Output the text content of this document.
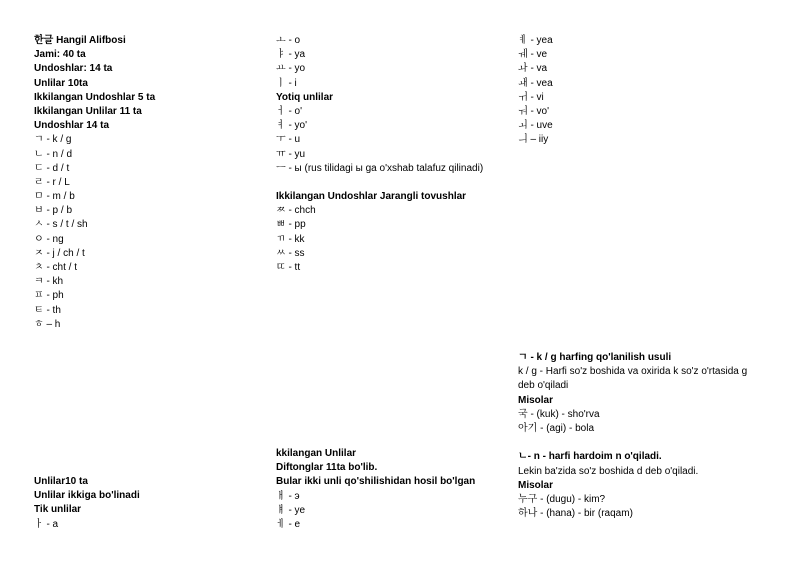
한글 Hangil Alifbosi
Jami: 40 ta
Undoshlar: 14 ta
Unlilar 10ta
Ikkilangan Undoshlar 5 ta
Ikkilangan Unlilar 11 ta
Undoshlar 14 ta
ㄱ - k / g
ㄴ - n / d
ㄷ - d / t
ㄹ - r / L
ㅁ - m / b
ㅂ - p / b
ㅅ - s / t / sh
ㅇ - ng
ㅈ - j / ch / t
ㅊ - cht / t
ㅋ - kh
ㅍ - ph
ㅌ - th
ㅎ – h
Unlilar10 ta
Unlilar ikkiga bo'linadi
Tik unlilar
ㅏ - a
ㅗ - o
ㅑ - ya
ㅛ - yo
ㅣ - i
Yotiq unlilar
ㅓ - o'
ㅕ - yo'
ㅜ - u
ㅠ - yu
ㅡ - ы (rus tilidagi ы ga o'xshab talafuz qilinadi)
Ikkilangan Undoshlar Jarangli tovushlar
ㅉ - chch
ㅃ - pp
ㄲ - kk
ㅆ - ss
ㄸ - tt
kkilangan Unlilar
Diftonglar 11ta bo'lib.
Bular ikki unli qo'shilishidan hosil bo'lgan
ㅐ - э
ㅒ - ye
ㅔ - e
ㅖ - yea
ㅞ - ve
ㅘ - va
ㅙ - vea
ㅟ - vi
ㅝ - vo'
ㅚ - uve
ㅢ – iiy
ㄱ - k / g harfing qo'lanilish usuli
k / g - Harfi so'z boshida va oxirida k so'z o'rtasida g
deb o'qiladi
Misolar
국 - (kuk) - sho'rva
아기 - (agi) - bola
ㄴ- n - harfi hardoim n o'qiladi.
Lekin ba'zida so'z boshida d deb o'qiladi.
Misolar
누구 - (dugu) - kim?
하나 - (hana) - bir (raqam)
